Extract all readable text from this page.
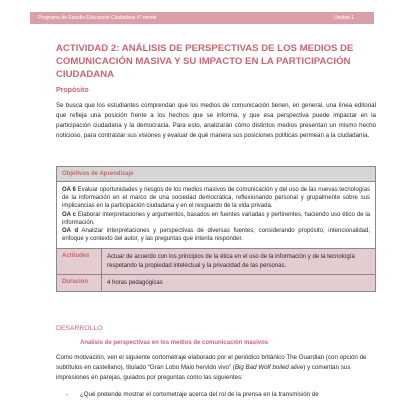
Programa de Estudio Educación Ciudadana 4° medio	Unidad 1
ACTIVIDAD 2: ANÁLISIS DE PERSPECTIVAS DE LOS MEDIOS DE COMUNICACIÓN MASIVA Y SU IMPACTO EN LA PARTICIPACIÓN CIUDADANA
Propósito
Se busca que los estudiantes comprendan que los medios de comunicación tienen, en general, una línea editorial que refleja una posición frente a los hechos que se informa, y que esa perspectiva puede impactar en la participación ciudadana y la democracia. Para esto, analizarán cómo distintos medios presentan un mismo hecho noticioso, para contrastar sus visiones y evaluar de qué manera sus posiciones políticas permean a la ciudadanía.
Objetivos de Aprendizaje

OA 6 Evaluar oportunidades y riesgos de los medios masivos de comunicación y del uso de las nuevas tecnologías de la información en el marco de una sociedad democrática, reflexionando personal y grupalmente sobre sus implicancias en la participación ciudadana y en el resguardo de la vida privada.

OA c Elaborar interpretaciones y argumentos, basados en fuentes variadas y pertinentes, haciendo uso ético de la información.

OA d Analizar interpretaciones y perspectivas de diversas fuentes, considerando propósito, intencionalidad, enfoque y contexto del autor, y las preguntas que intenta responder.

Actitudes	Actuar de acuerdo con los principios de la ética en el uso de la información y de la tecnología respetando la propiedad intelectual y la privacidad de las personas.
Duración	4 horas pedagógicas
DESARROLLO
Análisis de perspectivas en los medios de comunicación masivos
Como motivación, ven el siguiente cortometraje elaborado por el periódico británico The Guardian (con opción de subtítulos en castellano), titulado “Gran Lobo Malo hervido vivo” (Big Bad Wolf boiled alive) y comentan sus impresiones en parejas, guiados por preguntas como las siguientes:
- ¿Qué pretende mostrar el cortometraje acerca del rol de la prensa en la transmisión de
